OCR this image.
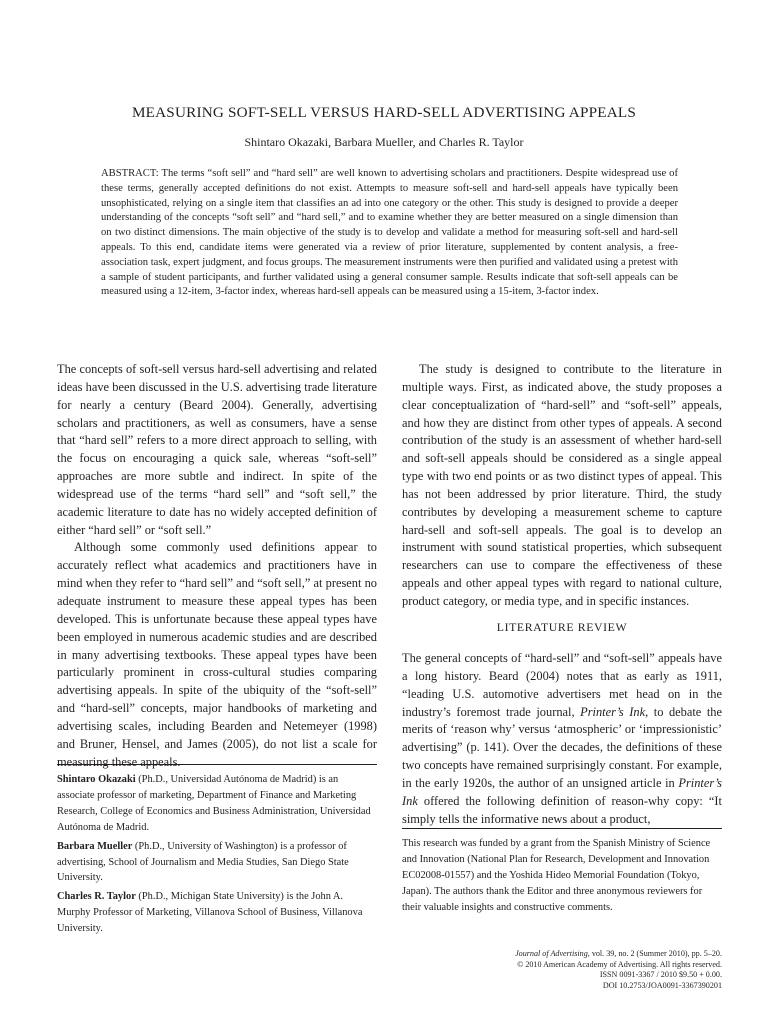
MEASURING SOFT-SELL VERSUS HARD-SELL ADVERTISING APPEALS

Shintaro Okazaki, Barbara Mueller, and Charles R. Taylor

ABSTRACT: The terms “soft sell” and “hard sell” are well known to advertising scholars and practitioners. Despite widespread use of these terms, generally accepted definitions do not exist. Attempts to measure soft-sell and hard-sell appeals have typically been unsophisticated, relying on a single item that classifies an ad into one category or the other. This study is designed to provide a deeper understanding of the concepts “soft sell” and “hard sell,” and to examine whether they are better measured on a single dimension than on two distinct dimensions. The main objective of the study is to develop and validate a method for measuring soft-sell and hard-sell appeals. To this end, candidate items were generated via a review of prior literature, supplemented by content analysis, a free-association task, expert judgment, and focus groups. The measurement instruments were then purified and validated using a pretest with a sample of student participants, and further validated using a general consumer sample. Results indicate that soft-sell appeals can be measured using a 12-item, 3-factor index, whereas hard-sell appeals can be measured using a 15-item, 3-factor index.

The concepts of soft-sell versus hard-sell advertising and related ideas have been discussed in the U.S. advertising trade literature for nearly a century (Beard 2004). Generally, advertising scholars and practitioners, as well as consumers, have a sense that “hard sell” refers to a more direct approach to selling, with the focus on encouraging a quick sale, whereas “soft-sell” approaches are more subtle and indirect. In spite of the widespread use of the terms “hard sell” and “soft sell,” the academic literature to date has no widely accepted definition of either “hard sell” or “soft sell.”

Although some commonly used definitions appear to accurately reflect what academics and practitioners have in mind when they refer to “hard sell” and “soft sell,” at present no adequate instrument to measure these appeal types has been developed. This is unfortunate because these appeal types have been employed in numerous academic studies and are described in many advertising textbooks. These appeal types have been particularly prominent in cross-cultural studies comparing advertising appeals. In spite of the ubiquity of the “soft-sell” and “hard-sell” concepts, major handbooks of marketing and advertising scales, including Bearden and Netemeyer (1998) and Bruner, Hensel, and James (2005), do not list a scale for measuring these appeals.

The study is designed to contribute to the literature in multiple ways. First, as indicated above, the study proposes a clear conceptualization of “hard-sell” and “soft-sell” appeals, and how they are distinct from other types of appeals. A second contribution of the study is an assessment of whether hard-sell and soft-sell appeals should be considered as a single appeal type with two end points or as two distinct types of appeal. This has not been addressed by prior literature. Third, the study contributes by developing a measurement scheme to capture hard-sell and soft-sell appeals. The goal is to develop an instrument with sound statistical properties, which subsequent researchers can use to compare the effectiveness of these appeals and other appeal types with regard to national culture, product category, or media type, and in specific instances.

LITERATURE REVIEW

The general concepts of “hard-sell” and “soft-sell” appeals have a long history. Beard (2004) notes that as early as 1911, “leading U.S. automotive advertisers met head on in the industry’s foremost trade journal, Printer’s Ink, to debate the merits of ‘reason why’ versus ‘atmospheric’ or ‘impressionistic’ advertising” (p. 141). Over the decades, the definitions of these two concepts have remained surprisingly constant. For example, in the early 1920s, the author of an unsigned article in Printer’s Ink offered the following definition of reason-why copy: “It simply tells the informative news about a product,

Shintaro Okazaki (Ph.D., Universidad Autónoma de Madrid) is an associate professor of marketing, Department of Finance and Marketing Research, College of Economics and Business Administration, Universidad Autónoma de Madrid.

Barbara Mueller (Ph.D., University of Washington) is a professor of advertising, School of Journalism and Media Studies, San Diego State University.

Charles R. Taylor (Ph.D., Michigan State University) is the John A. Murphy Professor of Marketing, Villanova School of Business, Villanova University.

This research was funded by a grant from the Spanish Ministry of Science and Innovation (National Plan for Research, Development and Innovation EC02008-01557) and the Yoshida Hideo Memorial Foundation (Tokyo, Japan). The authors thank the Editor and three anonymous reviewers for their valuable insights and constructive comments.

Journal of Advertising, vol. 39, no. 2 (Summer 2010), pp. 5–20.
© 2010 American Academy of Advertising. All rights reserved.
ISSN 0091-3367 / 2010 $9.50 + 0.00.
DOI 10.2753/JOA0091-3367390201
